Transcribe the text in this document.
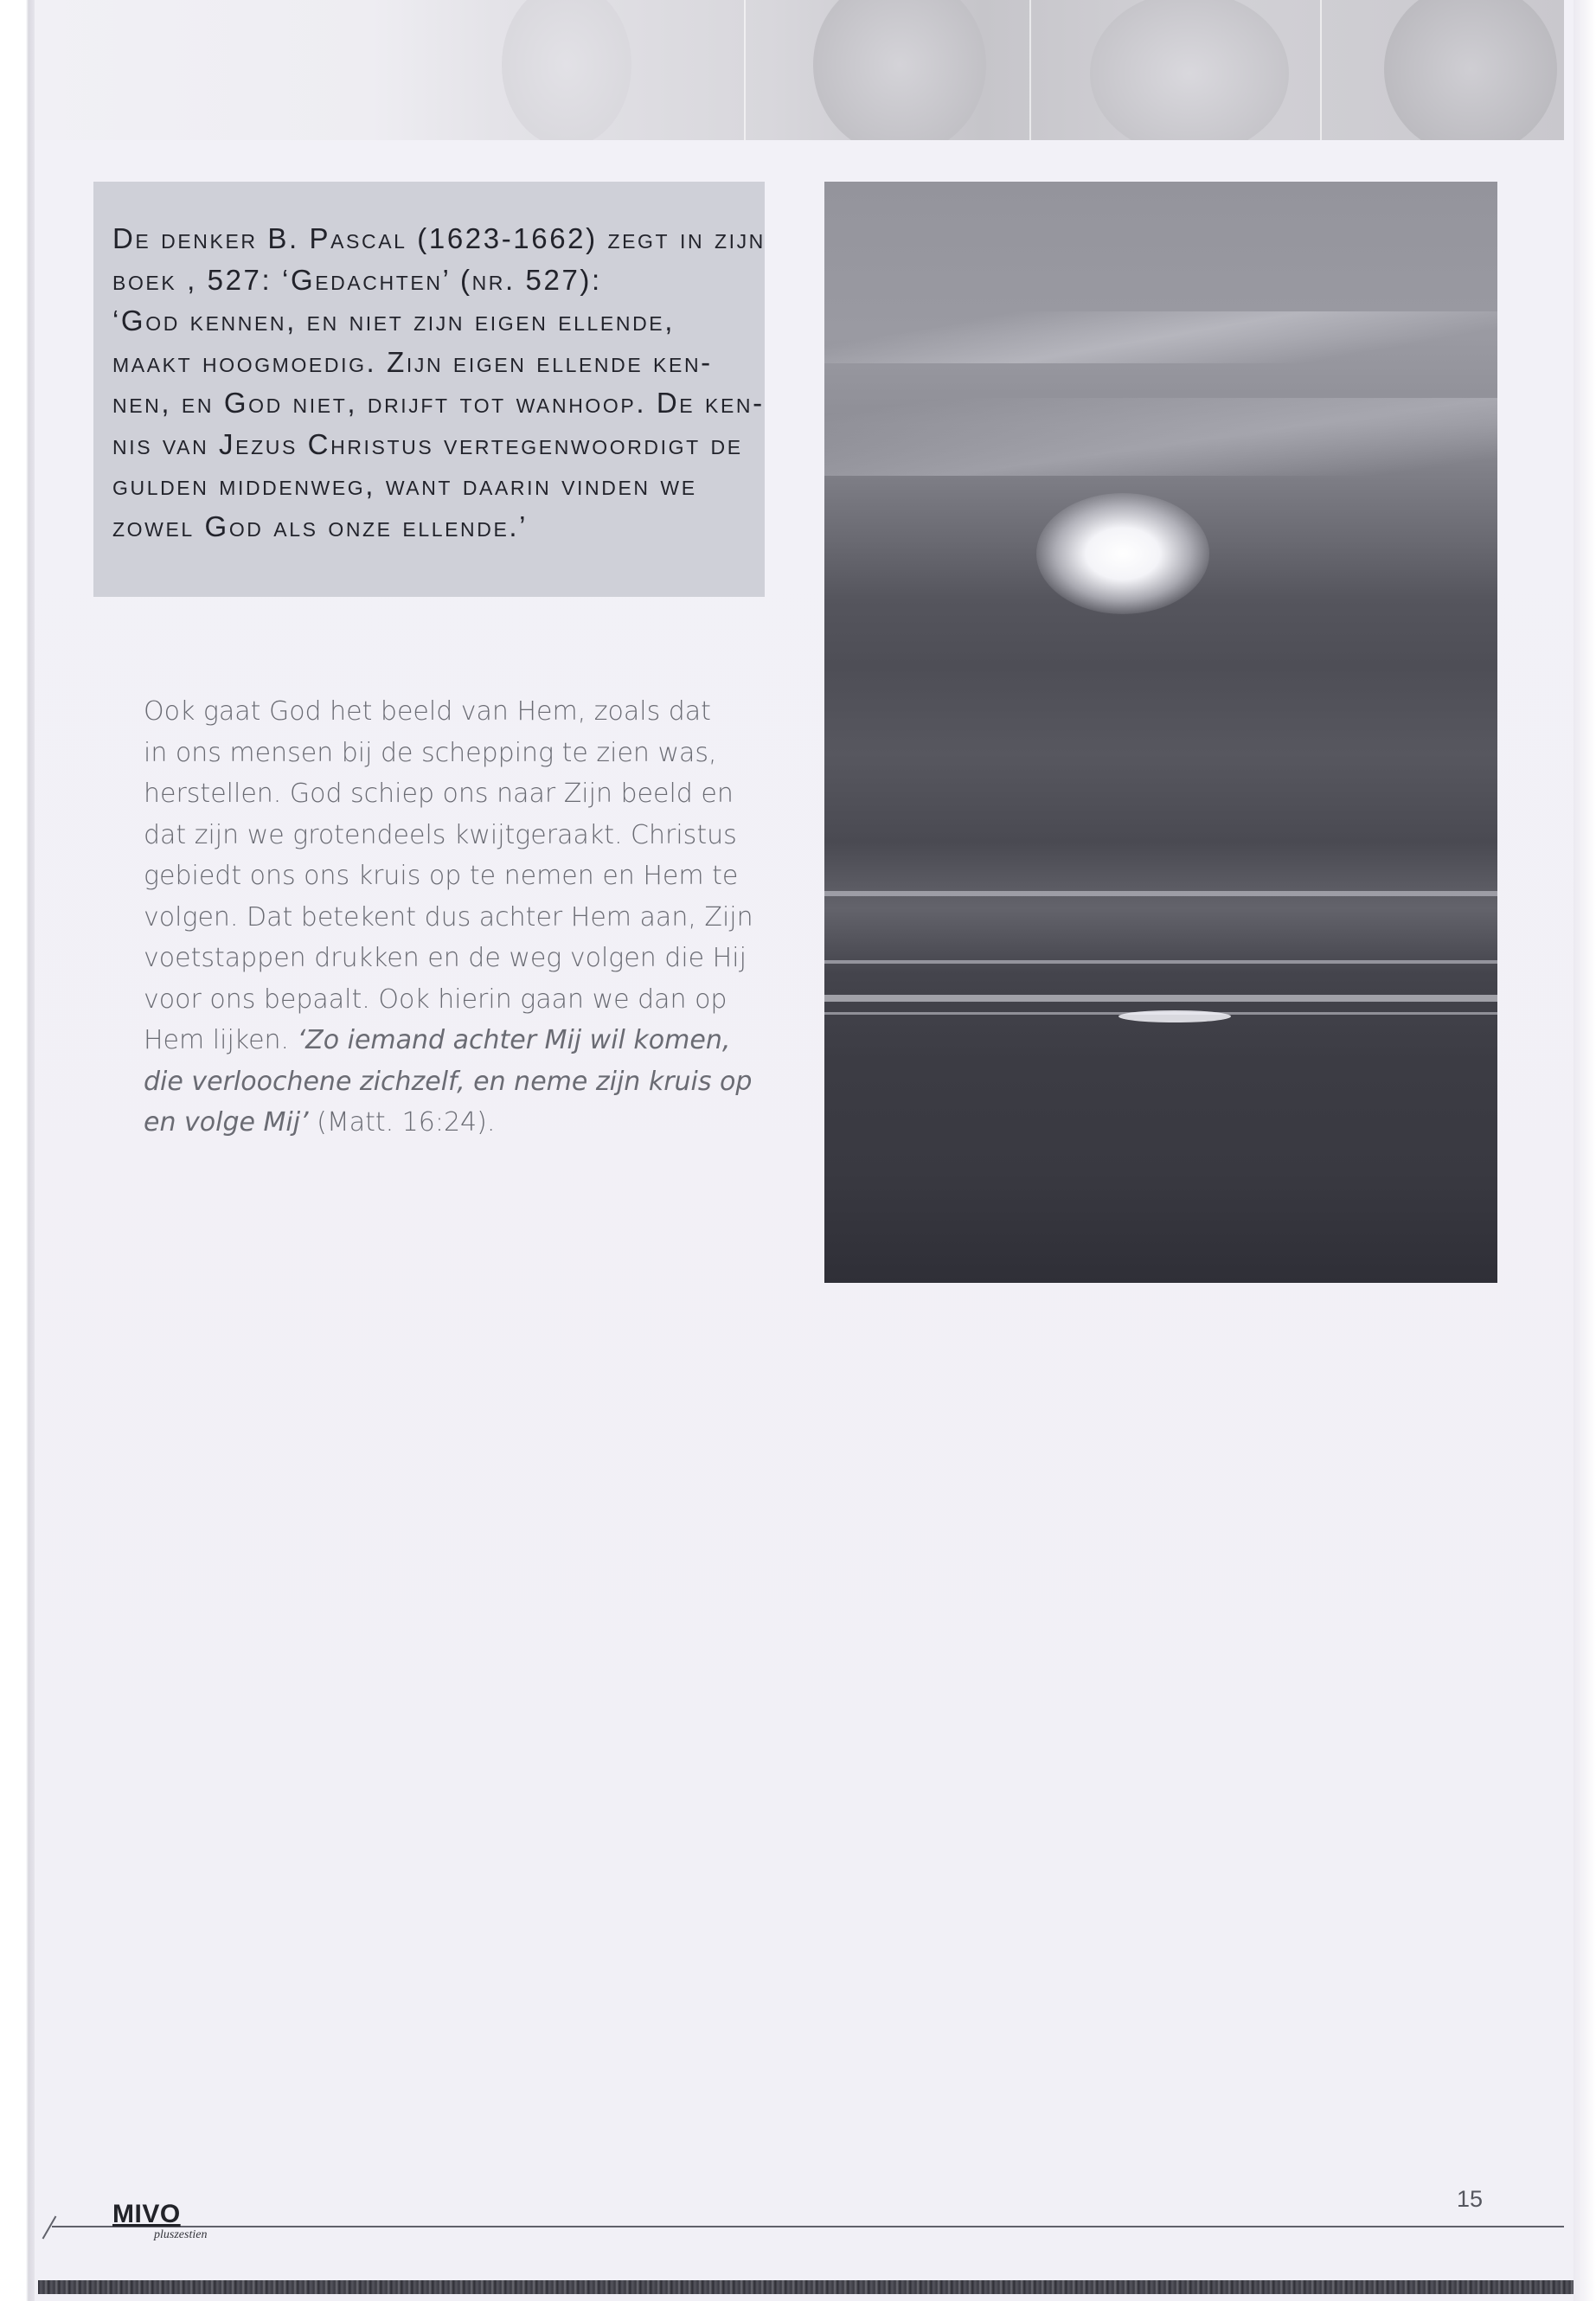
De denker B. Pascal (1623-1662) zegt in zijn
boek , 527: ‘Gedachten’ (nr. 527):
‘God kennen, en niet zijn eigen ellende,
maakt hoogmoedig. Zijn eigen ellende ken-
nen, en God niet, drijft tot wanhoop. De ken-
nis van Jezus Christus vertegenwoordigt de
gulden middenweg, want daarin vinden we
zowel God als onze ellende.’
Ook gaat God het beeld van Hem, zoals dat
in ons mensen bij de schepping te zien was,
herstellen. God schiep ons naar Zijn beeld en
dat zijn we grotendeels kwijtgeraakt. Christus
gebiedt ons ons kruis op te nemen en Hem te
volgen. Dat betekent dus achter Hem aan, Zijn
voetstappen drukken en de weg volgen die Hij
voor ons bepaalt. Ook hierin gaan we dan op
Hem lijken. ‘Zo iemand achter Mij wil komen,
die verloochene zichzelf, en neme zijn kruis op
en volge Mij’ (Matt. 16:24).
MIVO
pluszestien
15
